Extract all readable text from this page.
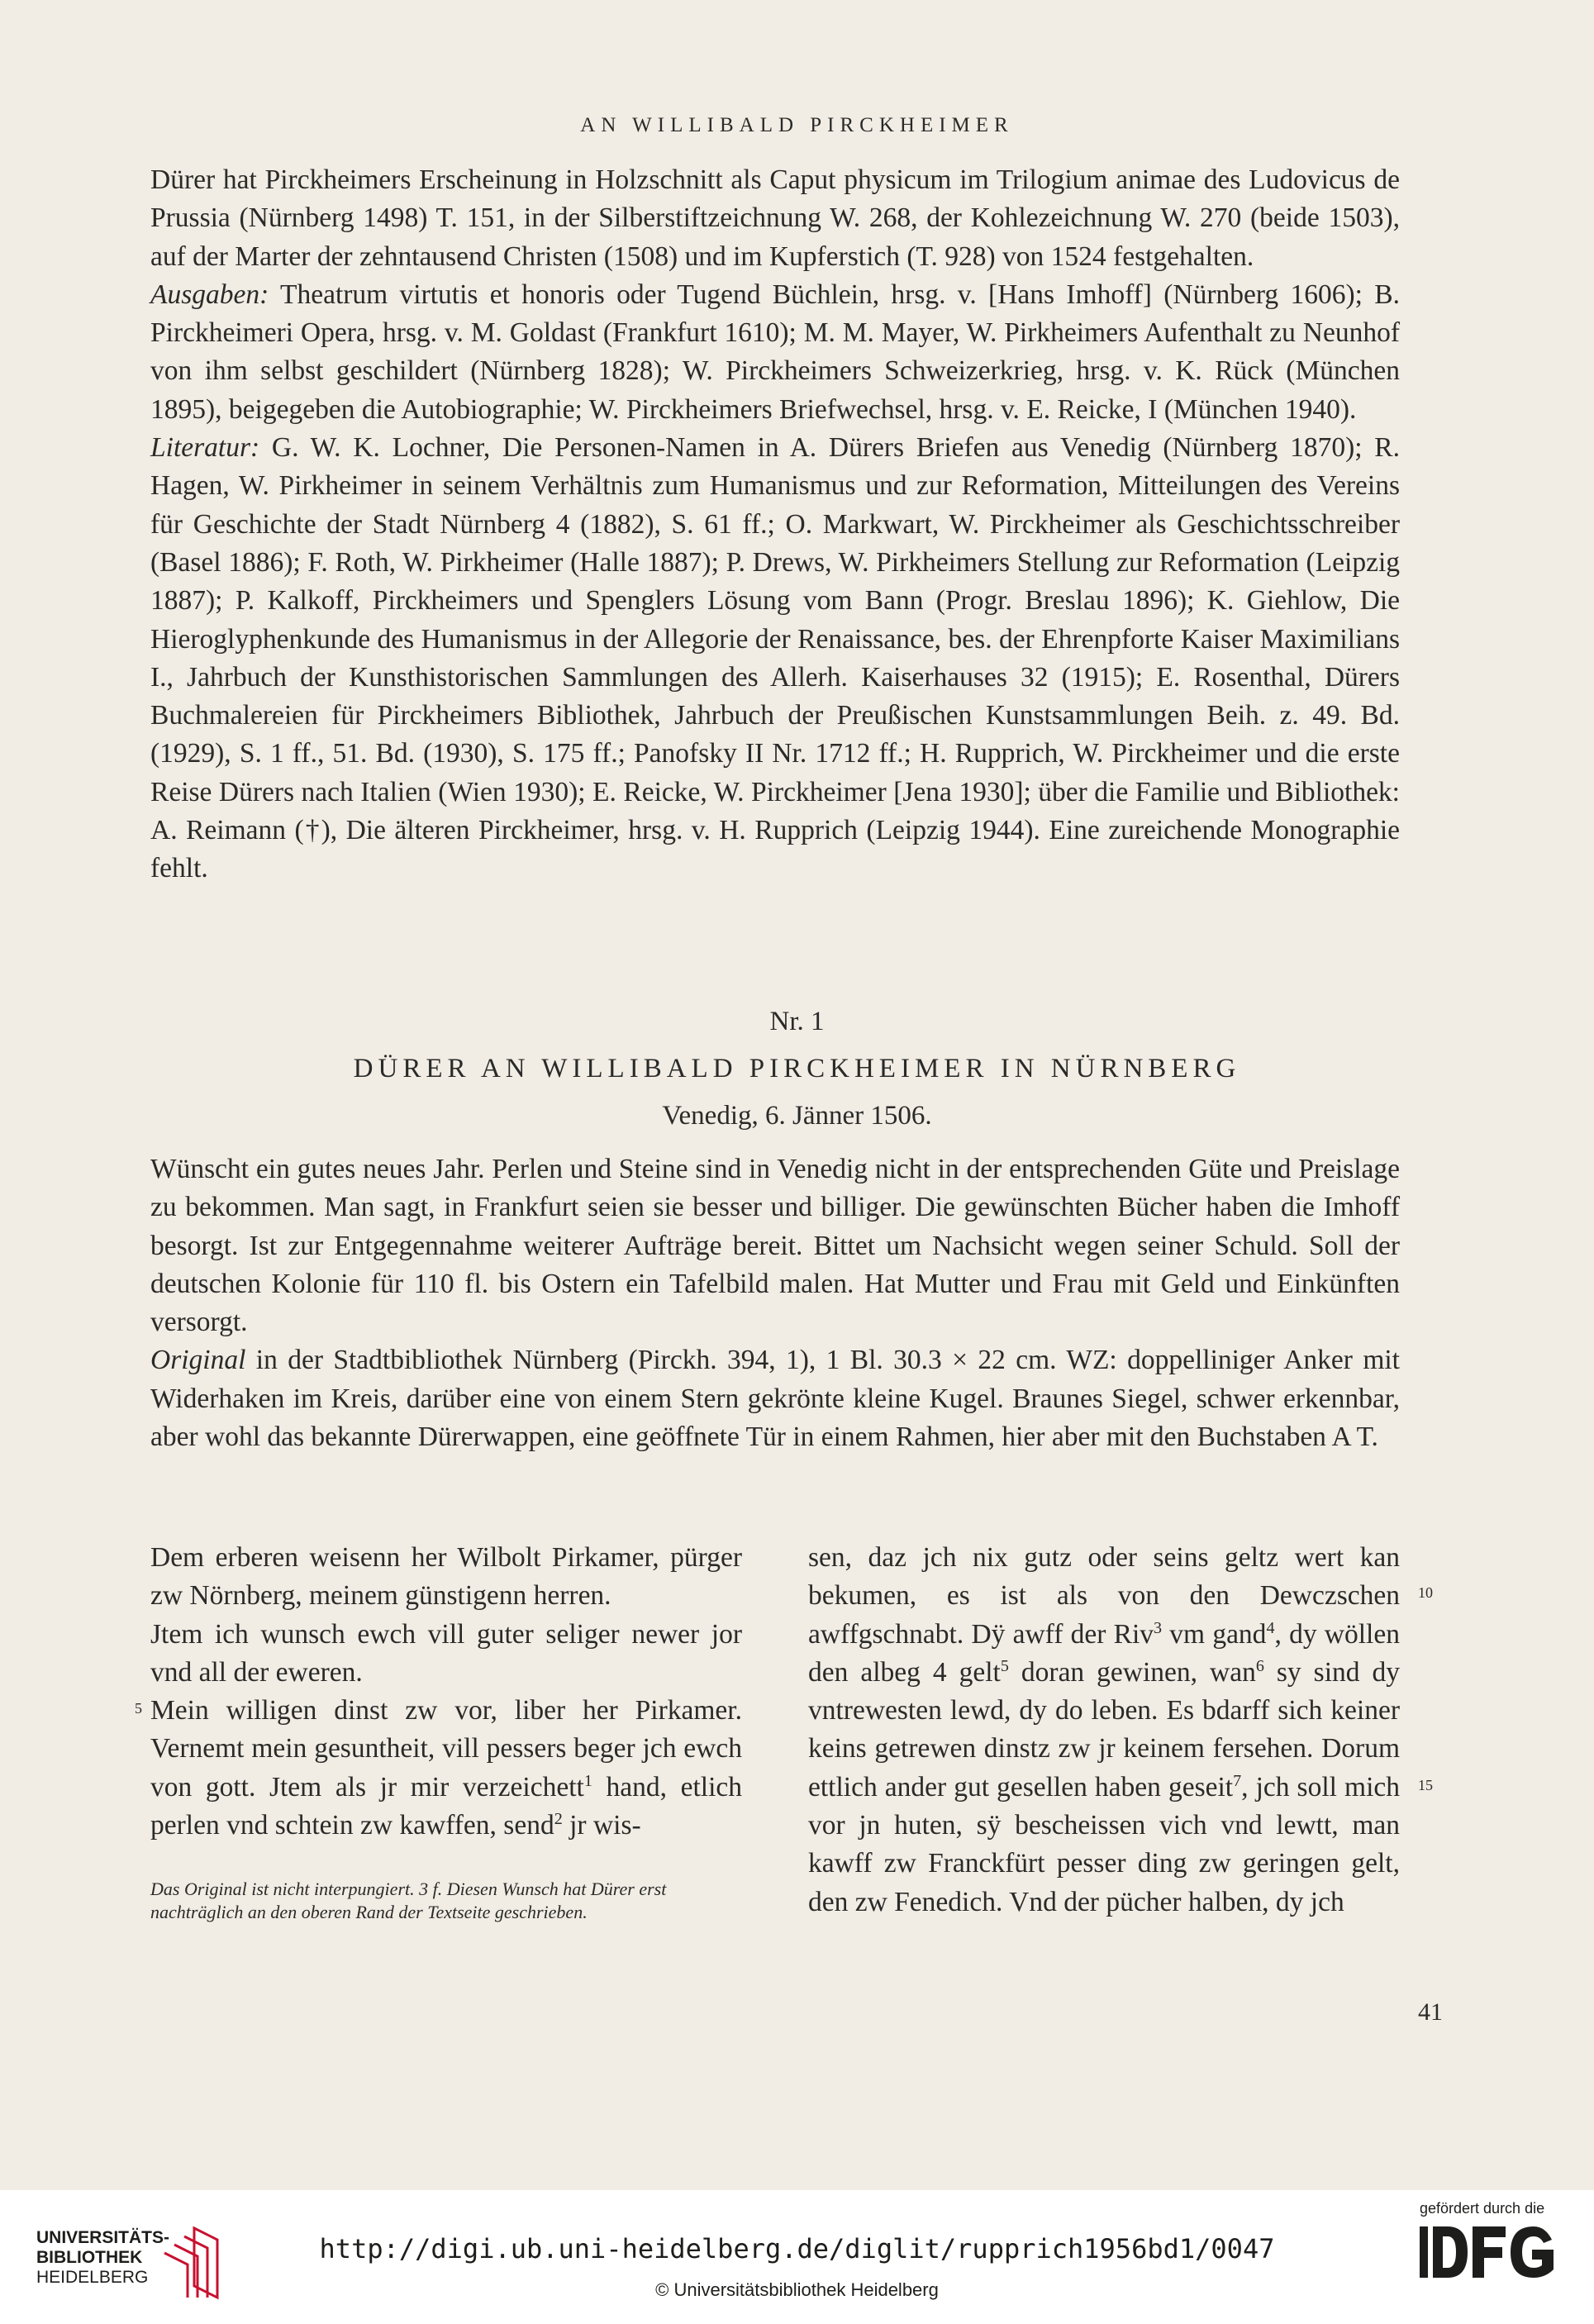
AN WILLIBALD PIRCKHEIMER

Dürer hat Pirckheimers Erscheinung in Holzschnitt als Caput physicum im Trilogium animae des Ludovicus de Prussia (Nürnberg 1498) T. 151, in der Silberstiftzeichnung W. 268, der Kohlezeichnung W. 270 (beide 1503), auf der Marter der zehntausend Christen (1508) und im Kupferstich (T. 928) von 1524 festgehalten.

Ausgaben: Theatrum virtutis et honoris oder Tugend Büchlein, hrsg. v. [Hans Imhoff] (Nürnberg 1606); B. Pirckheimeri Opera, hrsg. v. M. Goldast (Frankfurt 1610); M. M. Mayer, W. Pirkheimers Aufenthalt zu Neunhof von ihm selbst geschildert (Nürnberg 1828); W. Pirckheimers Schweizerkrieg, hrsg. v. K. Rück (München 1895), beigegeben die Autobiographie; W. Pirckheimers Briefwechsel, hrsg. v. E. Reicke, I (München 1940).

Literatur: G. W. K. Lochner, Die Personen-Namen in A. Dürers Briefen aus Venedig (Nürnberg 1870); R. Hagen, W. Pirkheimer in seinem Verhältnis zum Humanismus und zur Reformation, Mitteilungen des Vereins für Geschichte der Stadt Nürnberg 4 (1882), S. 61 ff.; O. Markwart, W. Pirckheimer als Geschichtsschreiber (Basel 1886); F. Roth, W. Pirkheimer (Halle 1887); P. Drews, W. Pirkheimers Stellung zur Reformation (Leipzig 1887); P. Kalkoff, Pirckheimers und Spenglers Lösung vom Bann (Progr. Breslau 1896); K. Giehlow, Die Hieroglyphenkunde des Humanismus in der Allegorie der Renaissance, bes. der Ehrenpforte Kaiser Maximilians I., Jahrbuch der Kunsthistorischen Sammlungen des Allerh. Kaiserhauses 32 (1915); E. Rosenthal, Dürers Buchmalereien für Pirckheimers Bibliothek, Jahrbuch der Preußischen Kunstsammlungen Beih. z. 49. Bd. (1929), S. 1 ff., 51. Bd. (1930), S. 175 ff.; Panofsky II Nr. 1712 ff.; H. Rupprich, W. Pirckheimer und die erste Reise Dürers nach Italien (Wien 1930); E. Reicke, W. Pirckheimer [Jena 1930]; über die Familie und Bibliothek: A. Reimann (†), Die älteren Pirckheimer, hrsg. v. H. Rupprich (Leipzig 1944). Eine zureichende Monographie fehlt.

Nr. 1
DÜRER AN WILLIBALD PIRCKHEIMER IN NÜRNBERG
Venedig, 6. Jänner 1506.

Wünscht ein gutes neues Jahr. Perlen und Steine sind in Venedig nicht in der entsprechenden Güte und Preislage zu bekommen. Man sagt, in Frankfurt seien sie besser und billiger. Die gewünschten Bücher haben die Imhoff besorgt. Ist zur Entgegennahme weiterer Aufträge bereit. Bittet um Nachsicht wegen seiner Schuld. Soll der deutschen Kolonie für 110 fl. bis Ostern ein Tafelbild malen. Hat Mutter und Frau mit Geld und Einkünften versorgt.

Original in der Stadtbibliothek Nürnberg (Pirckh. 394, 1), 1 Bl. 30.3 × 22 cm. WZ: doppelliniger Anker mit Widerhaken im Kreis, darüber eine von einem Stern gekrönte kleine Kugel. Braunes Siegel, schwer erkennbar, aber wohl das bekannte Dürerwappen, eine geöffnete Tür in einem Rahmen, hier aber mit den Buchstaben A T.

Dem erberen weisenn her Wilbolt Pirkamer, pürger zw Nörnberg, meinem günstigenn herren.

Jtem ich wunsch ewch vill guter seliger newer jor vnd all der eweren.

Mein willigen dinst zw vor, liber her Pirkamer. Vernemt mein gesuntheit, vill pessers beger jch ewch von gott. Jtem als jr mir verzeichett$^1$ hand, etlich perlen vnd schtein zw kawffen, send$^2$ jr wis-

5

sen, daz jch nix gutz oder seins geltz wert kan bekumen, es ist als von den Dewczschen awffgschnabt. Dÿ awff der Riv$^3$ vm gand$^4$, dy wöllen den albeg 4 gelt$^5$ doran gewinen, wan$^6$ sy sind dy vntrewesten lewd, dy do leben. Es bdarff sich keiner keins getrewen dinstz zw jr keinem fersehen. Dorum ettlich ander gut gesellen haben geseit$^7$, jch soll mich vor jn huten, sÿ bescheissen vich vnd lewtt, man kawff zw Franckfürt pesser ding zw geringen gelt, den zw Fenedich. Vnd der pücher halben, dy jch

10
15
Das Original ist nicht interpungiert. 3 f. Diesen Wunsch hat Dürer erst nachträglich an den oberen Rand der Textseite geschrieben.
41
UNIVERSITÄTS-
BIBLIOTHEK
HEIDELBERG
http://digi.ub.uni-heidelberg.de/diglit/rupprich1956bd1/0047
© Universitätsbibliothek Heidelberg
gefördert durch die
